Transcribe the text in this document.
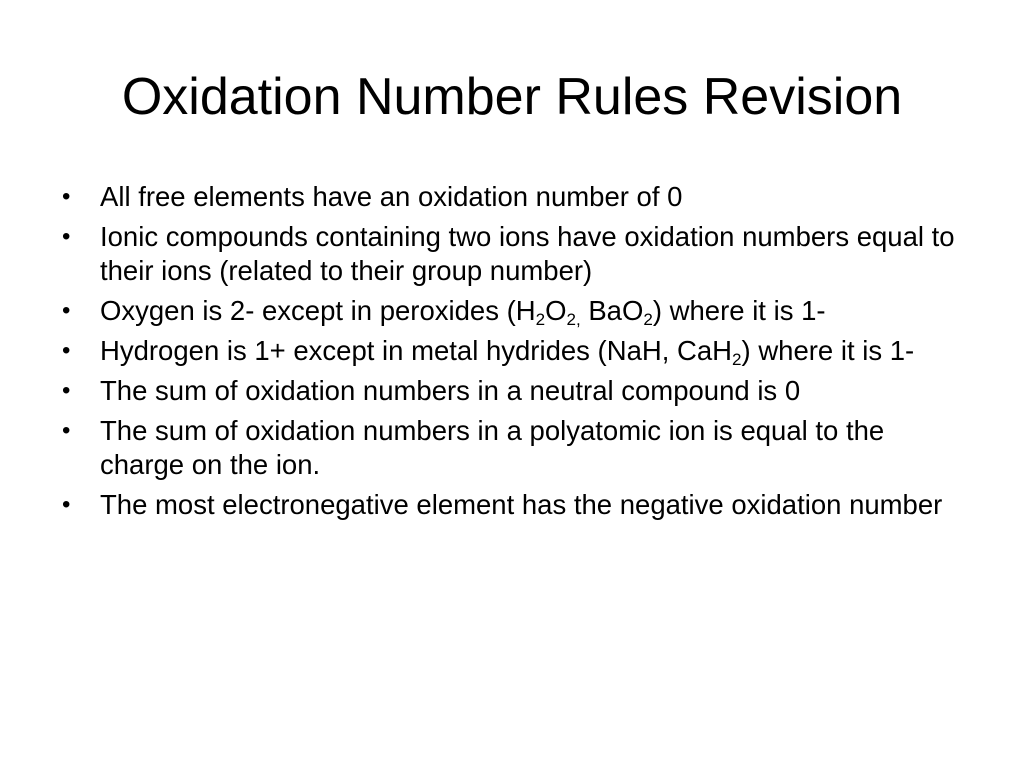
Oxidation Number Rules Revision
• All free elements have an oxidation number of 0
• Ionic compounds containing two ions have oxidation numbers equal to their ions (related to their group number)
• Oxygen is 2- except in peroxides ($H_2O_{2,}$ BaO$_2$) where it is 1-
• Hydrogen is 1+ except in metal hydrides (NaH, CaH$_2$) where it is 1-
• The sum of oxidation numbers in a neutral compound is 0
• The sum of oxidation numbers in a polyatomic ion is equal to the charge on the ion.
• The most electronegative element has the negative oxidation number
